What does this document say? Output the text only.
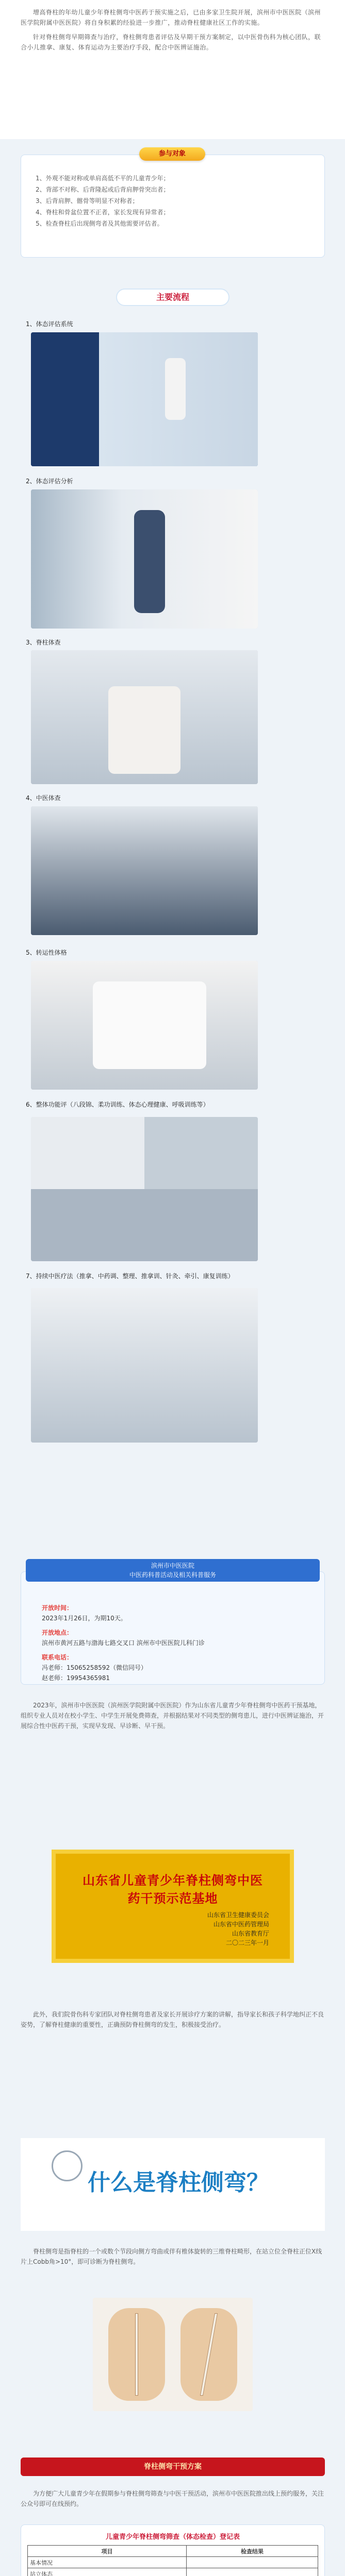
增高脊柱的年幼儿童少年脊柱侧弯中医药于预实施之后，已由多家卫生院开展，滨州市中医医院（滨州医学院附属中医医院）将自身积累的经验进一步推广，推动脊柱健康社区工作的实施。

针对脊柱侧弯早期筛查与治疗，脊柱侧弯患者评估及早期干预方案制定，以中医骨伤科为核心团队，联合小儿推拿、康复、体育运动为主要治疗手段，配合中医辨证施治。

1、外观不能对称或单肩高低不平的儿童青少年；
2、背部不对称、后背隆起或后背肩胛骨突出者；
3、后背肩胛、髂骨等明显不对称者；
4、脊柱和骨盆位置不正者，家长发现有异常者；
5、检查脊柱后出现侧弯者及其他需要评估者。
参与对象
主要流程
1、体态评估系统
2、体态评估分析
3、脊柱体查
4、中医体查
5、转运性体格
6、整体功能评（八段锦、柔功训练、体态心理健康、呼吸训练等）
7、持续中医疗法（推拿、中药调、整理、推拿训、针灸、牵引、康复训练）
开放时间：
2023年1月26日，为期10天。
开放地点：
滨州市黄河五路与渤海七路交叉口 滨州市中医医院儿科门诊
联系电话：
冯老师：15065258592（微信同号）
赵老师：19954365981
滨州市中医医院
中医药科普活动及相关科普服务

2023年，滨州市中医医院（滨州医学院附属中医医院）作为山东省儿童青少年脊柱侧弯中医药干预基地，组织专业人员对在校小学生、中学生开展免费筛查，并根据结果对不同类型的侧弯患儿，进行中医辨证施治，开展综合性中医药干预，实现早发现、早诊断、早干预。

山东省儿童青少年脊柱侧弯中医药干预示范基地
山东省卫生健康委员会
山东省中医药管理局
山东省教育厅
二〇二三年一月

此外，我们院骨伤科专家团队对脊柱侧弯患者及家长开展诊疗方案的讲解，指导家长和孩子科学地纠正不良姿势，了解脊柱健康的重要性，正确预防脊柱侧弯的发生，积极接受治疗。

什么是脊柱侧弯？

脊柱侧弯是指脊柱的一个或数个节段向侧方弯曲或伴有椎体旋转的三维脊柱畸形，在站立位全脊柱正位X线片上Cobb角>10°，即可诊断为脊柱侧弯。

脊柱侧弯干预方案

为方便广大儿童青少年在假期参与脊柱侧弯筛查与中医干预活动，滨州市中医医院推出线上预约服务，关注公众号即可在线预约。

儿童青少年脊柱侧弯筛查（体态检查）登记表
项目	检查结果
基本情况	
站立体态	
